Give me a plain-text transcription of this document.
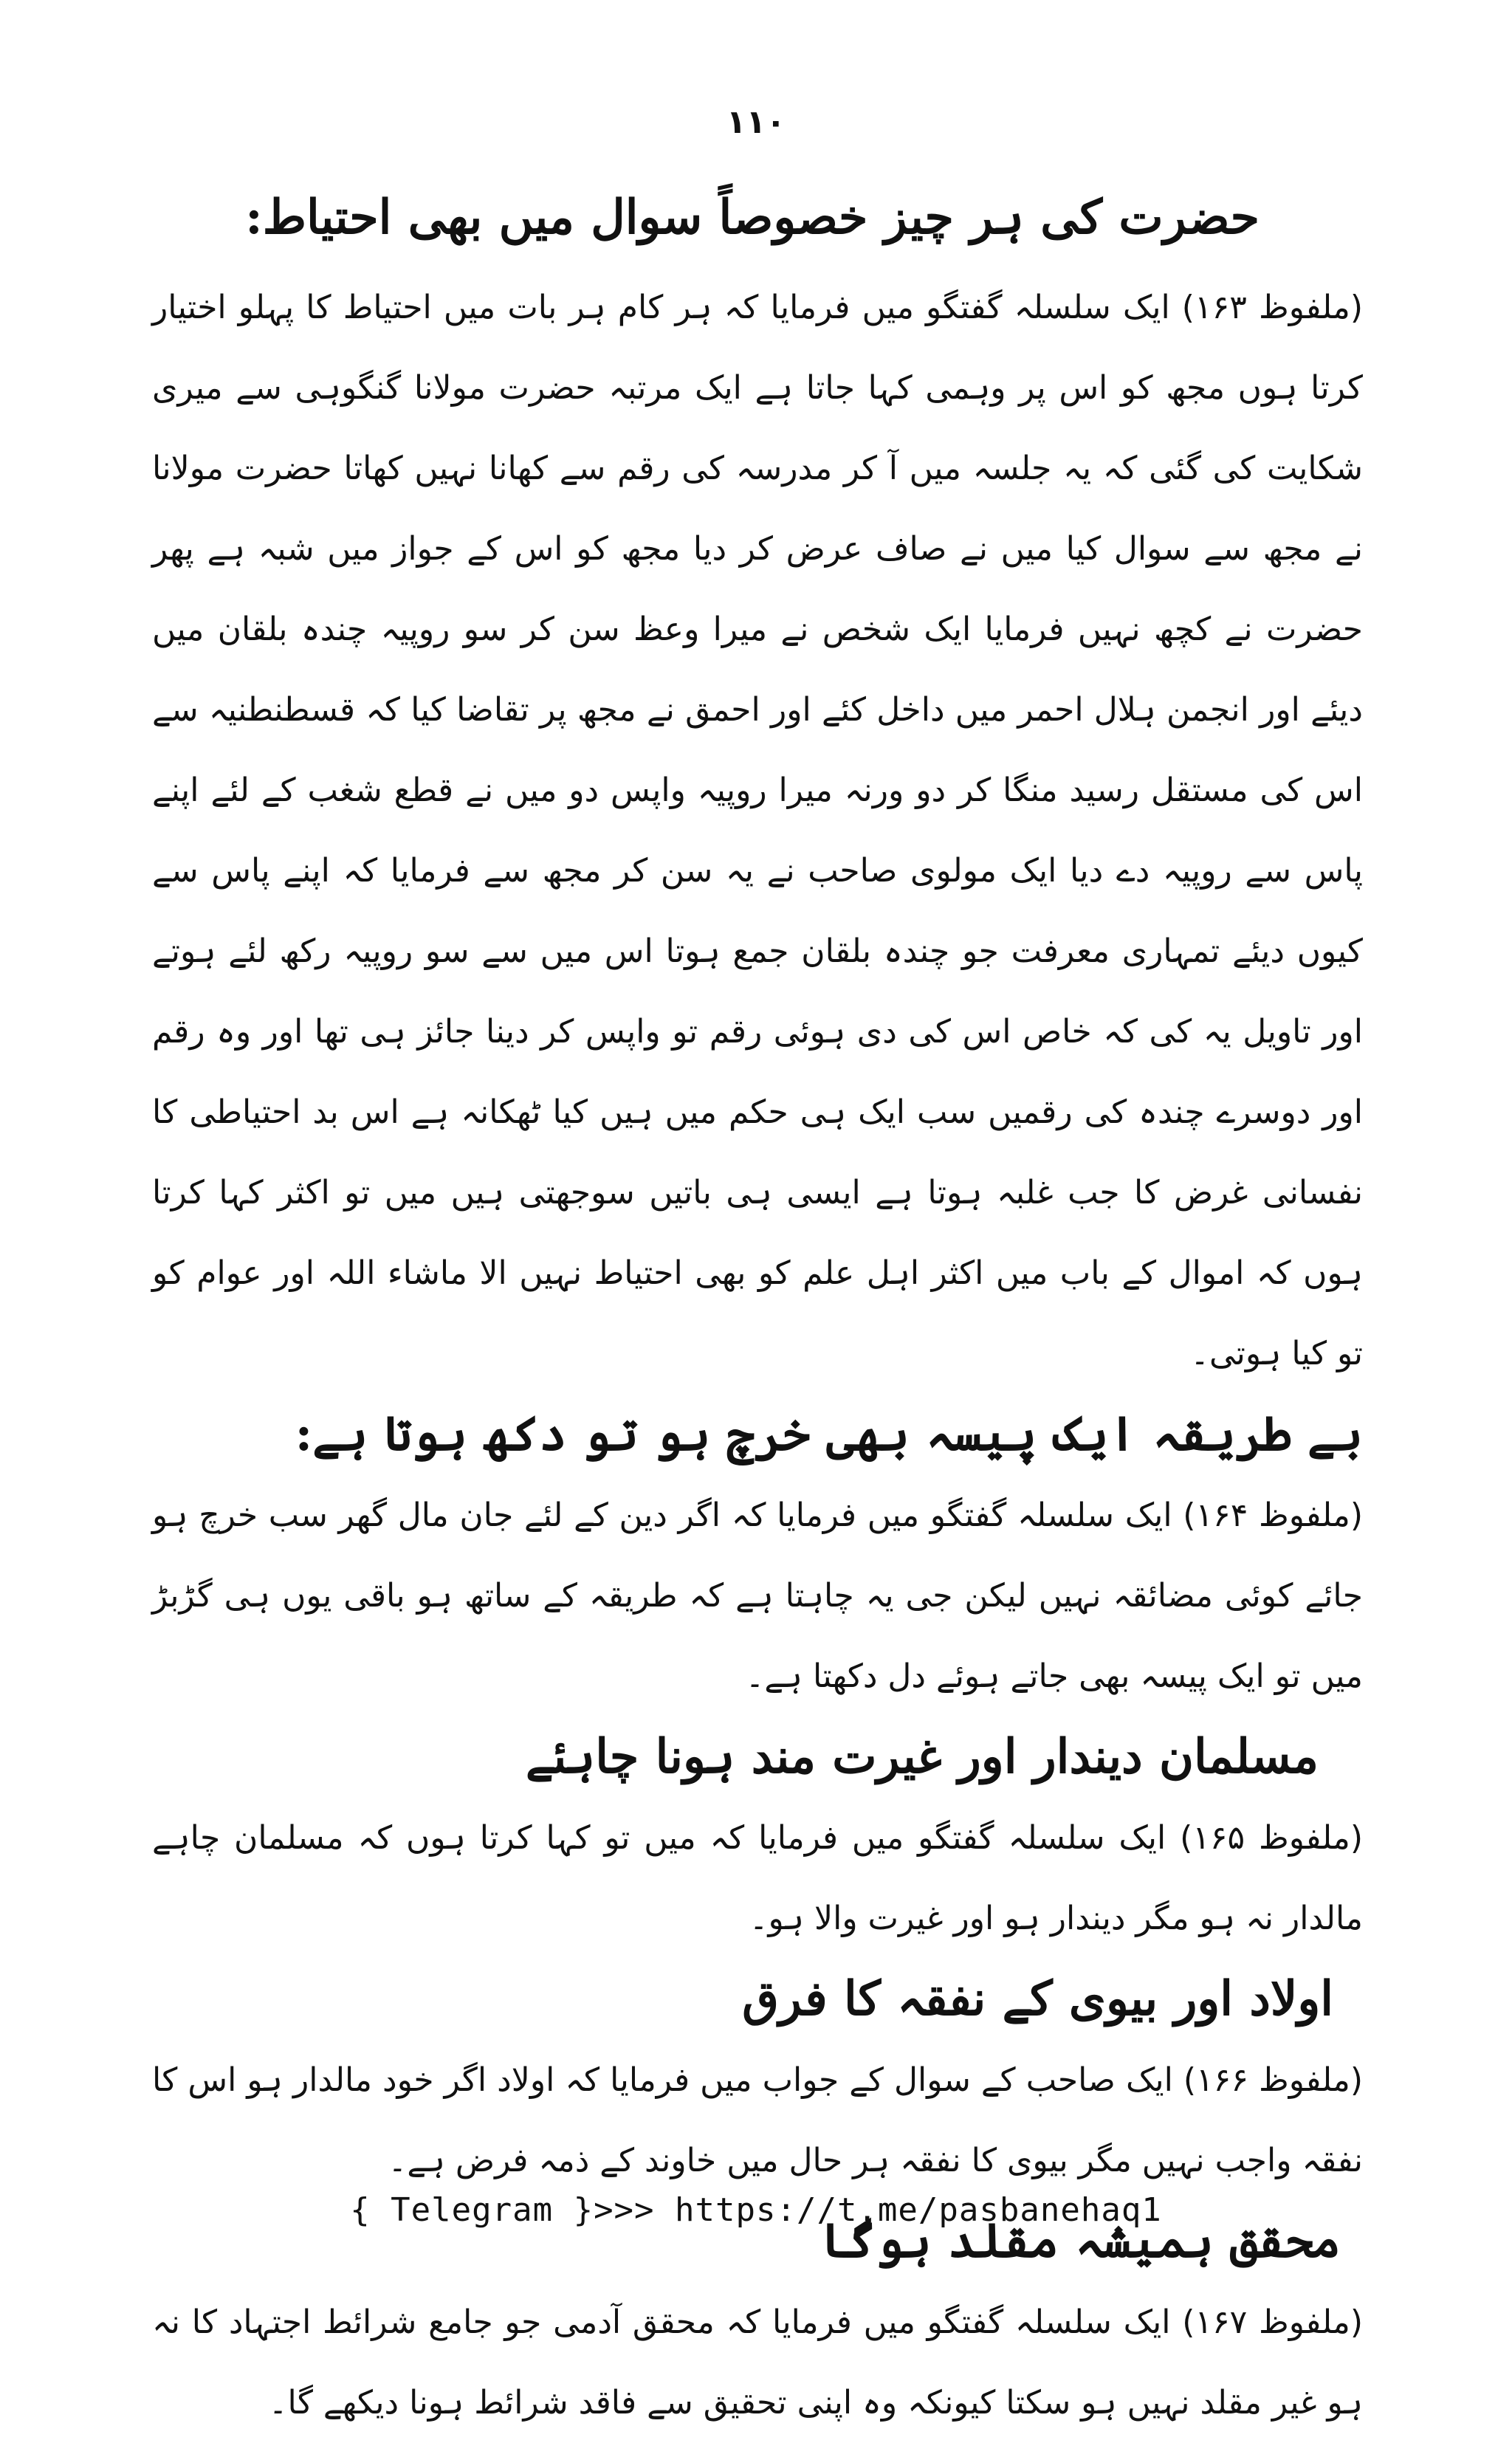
۱۱۰
حضرت کی ہر چیز خصوصاً سوال میں بھی احتیاط:

(ملفوظ ۱۶۳) ایک سلسلہ گفتگو میں فرمایا کہ ہر کام ہر بات میں احتیاط کا پہلو اختیار کرتا ہوں مجھ کو اس پر وہمی کہا جاتا ہے ایک مرتبہ حضرت مولانا گنگوہی سے میری شکایت کی گئی کہ یہ جلسہ میں آ کر مدرسہ کی رقم سے کھانا نہیں کھاتا حضرت مولانا نے مجھ سے سوال کیا میں نے صاف عرض کر دیا مجھ کو اس کے جواز میں شبہ ہے پھر حضرت نے کچھ نہیں فرمایا ایک شخص نے میرا وعظ سن کر سو روپیہ چندہ بلقان میں دیئے اور انجمن ہلال احمر میں داخل کئے اور احمق نے مجھ پر تقاضا کیا کہ قسطنطنیہ سے اس کی مستقل رسید منگا کر دو ورنہ میرا روپیہ واپس دو میں نے قطع شغب کے لئے اپنے پاس سے روپیہ دے دیا ایک مولوی صاحب نے یہ سن کر مجھ سے فرمایا کہ اپنے پاس سے کیوں دیئے تمہاری معرفت جو چندہ بلقان جمع ہوتا اس میں سے سو روپیہ رکھ لئے ہوتے اور تاویل یہ کی کہ خاص اس کی دی ہوئی رقم تو واپس کر دینا جائز ہی تھا اور وہ رقم اور دوسرے چندہ کی رقمیں سب ایک ہی حکم میں ہیں کیا ٹھکانہ ہے اس بد احتیاطی کا نفسانی غرض کا جب غلبہ ہوتا ہے ایسی ہی باتیں سوجھتی ہیں میں تو اکثر کہا کرتا ہوں کہ اموال کے باب میں اکثر اہل علم کو بھی احتیاط نہیں الا ماشاء اللہ اور عوام کو تو کیا ہوتی۔

بے طریقہ ایک پیسہ بھی خرچ ہو تو دکھ ہوتا ہے:

(ملفوظ ۱۶۴) ایک سلسلہ گفتگو میں فرمایا کہ اگر دین کے لئے جان مال گھر سب خرچ ہو جائے کوئی مضائقہ نہیں لیکن جی یہ چاہتا ہے کہ طریقہ کے ساتھ ہو باقی یوں ہی گڑبڑ میں تو ایک پیسہ بھی جاتے ہوئے دل دکھتا ہے۔

مسلمان دیندار اور غیرت مند ہونا چاہئے

(ملفوظ ۱۶۵) ایک سلسلہ گفتگو میں فرمایا کہ میں تو کہا کرتا ہوں کہ مسلمان چاہے مالدار نہ ہو مگر دیندار ہو اور غیرت والا ہو۔

اولاد اور بیوی کے نفقہ کا فرق

(ملفوظ ۱۶۶) ایک صاحب کے سوال کے جواب میں فرمایا کہ اولاد اگر خود مالدار ہو اس کا نفقہ واجب نہیں مگر بیوی کا نفقہ ہر حال میں خاوند کے ذمہ فرض ہے۔

محقق ہمیشہ مقلد ہوگا

(ملفوظ ۱۶۷) ایک سلسلہ گفتگو میں فرمایا کہ محقق آدمی جو جامع شرائط اجتہاد کا نہ ہو غیر مقلد نہیں ہو سکتا کیونکہ وہ اپنی تحقیق سے فاقد شرائط ہونا دیکھے گا۔

{ Telegram }>>> https://t.me/pasbanehaq1
